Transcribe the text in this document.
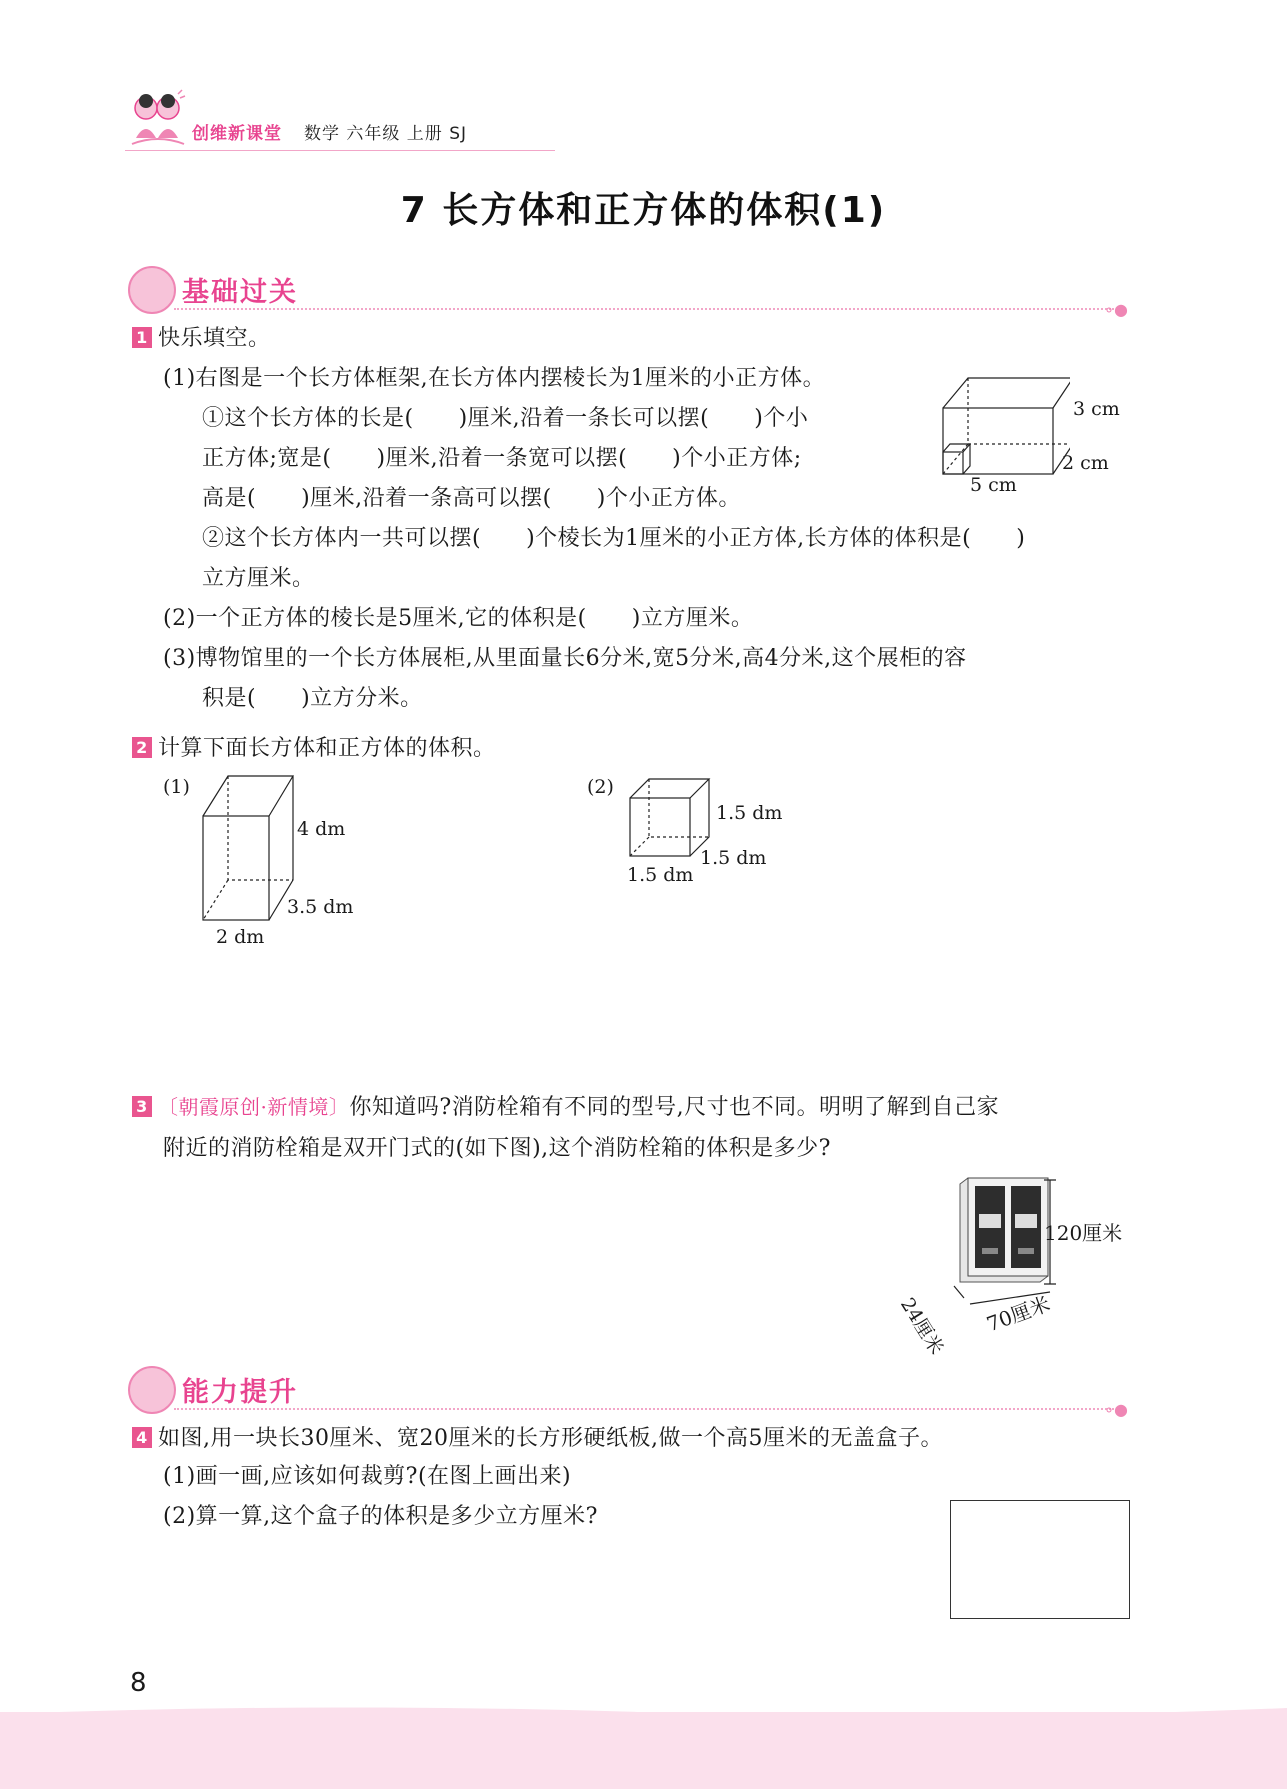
创维新课堂 数学 六年级 上册 SJ
7 长方体和正方体的体积(1)
基础过关
∘●
1 快乐填空。
(1)右图是一个长方体框架,在长方体内摆棱长为1厘米的小正方体。
①这个长方体的长是(　　)厘米,沿着一条长可以摆(　　)个小
正方体;宽是(　　)厘米,沿着一条宽可以摆(　　)个小正方体;
高是(　　)厘米,沿着一条高可以摆(　　)个小正方体。
②这个长方体内一共可以摆(　　)个棱长为1厘米的小正方体,长方体的体积是(　　)
立方厘米。
(2)一个正方体的棱长是5厘米,它的体积是(　　)立方厘米。
(3)博物馆里的一个长方体展柜,从里面量长6分米,宽5分米,高4分米,这个展柜的容
积是(　　)立方分米。
3 cm
2 cm
5 cm
2 计算下面长方体和正方体的体积。
(1)
4 dm
3.5 dm
2 dm
(2)
1.5 dm
1.5 dm
1.5 dm
3 〔朝霞原创·新情境〕你知道吗?消防栓箱有不同的型号,尺寸也不同。明明了解到自己家
附近的消防栓箱是双开门式的(如下图),这个消防栓箱的体积是多少?
120厘米
24厘米 70厘米
能力提升
∘●
4 如图,用一块长30厘米、宽20厘米的长方形硬纸板,做一个高5厘米的无盖盒子。
(1)画一画,应该如何裁剪?(在图上画出来)
(2)算一算,这个盒子的体积是多少立方厘米?
8
